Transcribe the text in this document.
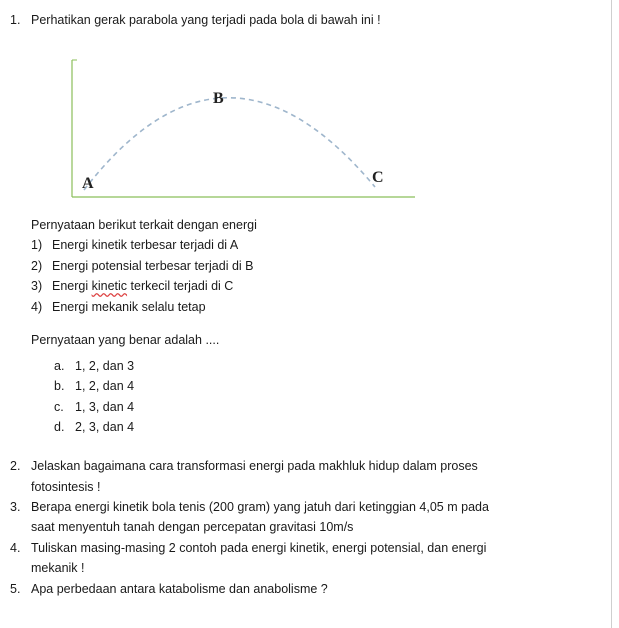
1. Perhatikan gerak parabola yang terjadi pada bola di bawah ini !
A
B
C
Pernyataan berikut terkait dengan energi
1) Energi kinetik terbesar terjadi di A
2) Energi potensial terbesar terjadi di B
3) Energi kinetic terkecil terjadi di C
4) Energi mekanik selalu tetap
Pernyataan yang benar adalah ....
a. 1, 2, dan 3
b. 1, 2, dan 4
c. 1, 3, dan 4
d. 2, 3, dan 4
2. Jelaskan bagaimana cara transformasi energi pada makhluk hidup dalam proses
fotosintesis !
3. Berapa energi kinetik bola tenis (200 gram) yang jatuh dari ketinggian 4,05 m pada
saat menyentuh tanah dengan percepatan gravitasi 10m/s
4. Tuliskan masing-masing 2 contoh pada energi kinetik, energi potensial, dan energi
mekanik !
5. Apa perbedaan antara katabolisme dan anabolisme ?
